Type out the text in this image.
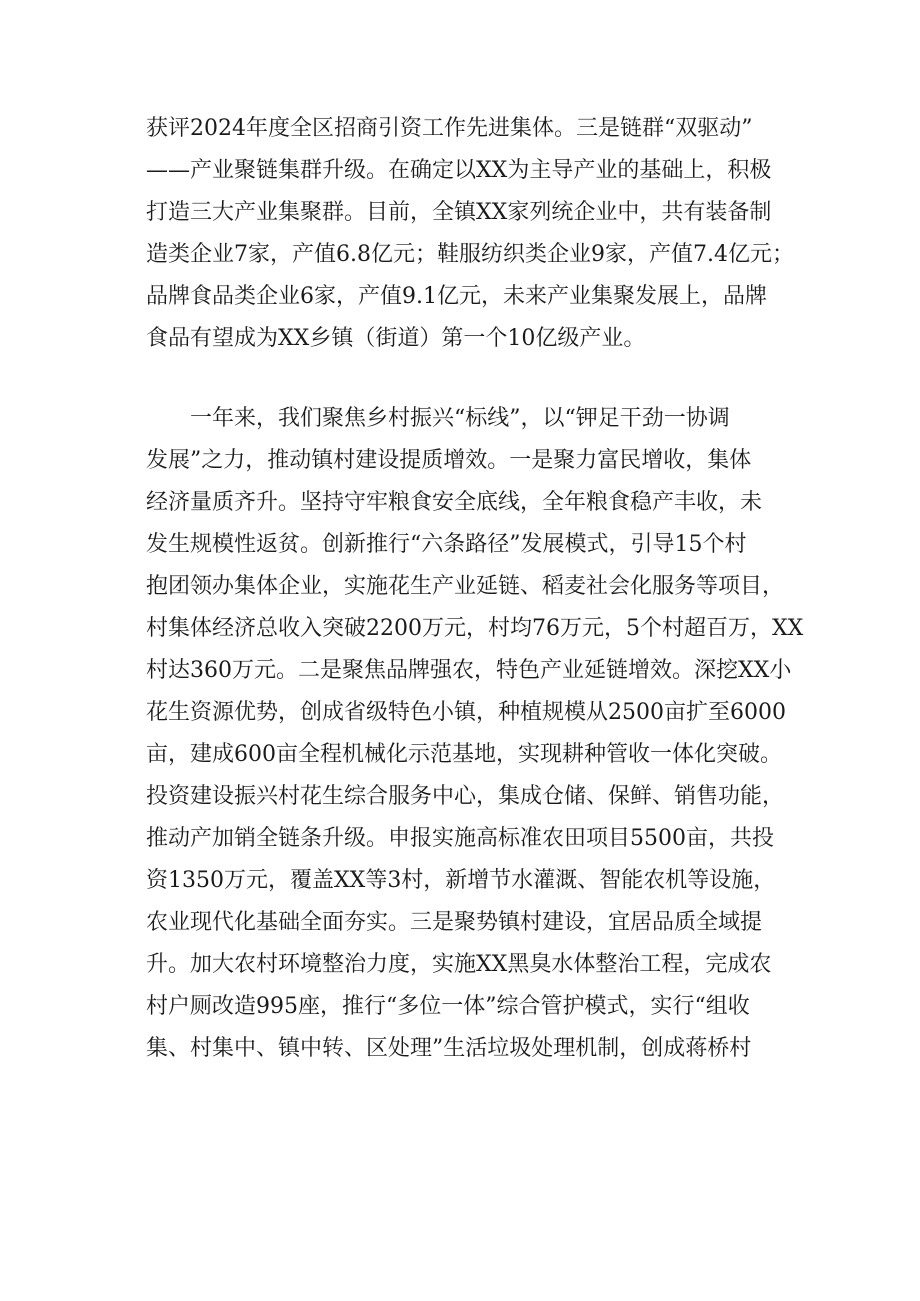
获评2024年度全区招商引资工作先进集体。三是链群“双驱动”
——产业聚链集群升级。在确定以XX为主导产业的基础上，积极
打造三大产业集聚群。目前，全镇XX家列统企业中，共有装备制
造类企业7家，产值6.8亿元；鞋服纺织类企业9家，产值7.4亿元；
品牌食品类企业6家，产值9.1亿元，未来产业集聚发展上，品牌
食品有望成为XX乡镇（街道）第一个10亿级产业。
一年来，我们聚焦乡村振兴“标线”，以“钾足干劲一协调
发展”之力，推动镇村建设提质增效。一是聚力富民增收，集体
经济量质齐升。坚持守牢粮食安全底线，全年粮食稳产丰收，未
发生规模性返贫。创新推行“六条路径”发展模式，引导15个村
抱团领办集体企业，实施花生产业延链、稻麦社会化服务等项目，
村集体经济总收入突破2200万元，村均76万元，5个村超百万，XX
村达360万元。二是聚焦品牌强农，特色产业延链增效。深挖XX小
花生资源优势，创成省级特色小镇，种植规模从2500亩扩至6000
亩，建成600亩全程机械化示范基地，实现耕种管收一体化突破。
投资建设振兴村花生综合服务中心，集成仓储、保鲜、销售功能，
推动产加销全链条升级。申报实施高标准农田项目5500亩，共投
资1350万元，覆盖XX等3村，新增节水灌溉、智能农机等设施，
农业现代化基础全面夯实。三是聚势镇村建设，宜居品质全域提
升。加大农村环境整治力度，实施XX黑臭水体整治工程，完成农
村户厕改造995座，推行“多位一体”综合管护模式，实行“组收
集、村集中、镇中转、区处理”生活垃圾处理机制，创成蒋桥村
